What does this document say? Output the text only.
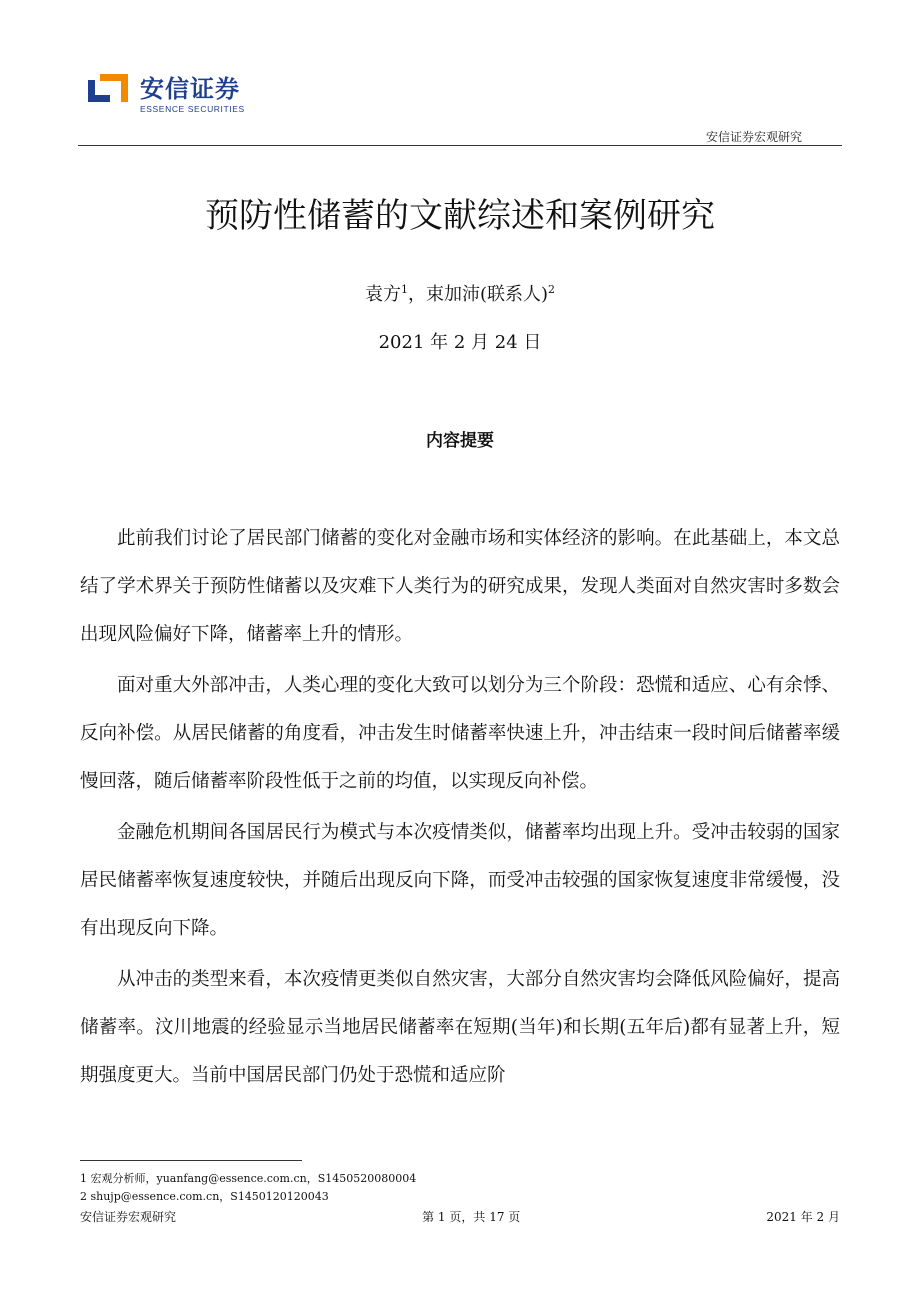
安信证券
ESSENCE SECURITIES
安信证券宏观研究
预防性储蓄的文献综述和案例研究
袁方$^1$，束加沛(联系人)$^2$
2021 年 2 月 24 日
内容提要

此前我们讨论了居民部门储蓄的变化对金融市场和实体经济的影响。在此基础上，本文总结了学术界关于预防性储蓄以及灾难下人类行为的研究成果，发现人类面对自然灾害时多数会出现风险偏好下降，储蓄率上升的情形。

面对重大外部冲击，人类心理的变化大致可以划分为三个阶段：恐慌和适应、心有余悸、反向补偿。从居民储蓄的角度看，冲击发生时储蓄率快速上升，冲击结束一段时间后储蓄率缓慢回落，随后储蓄率阶段性低于之前的均值，以实现反向补偿。

金融危机期间各国居民行为模式与本次疫情类似，储蓄率均出现上升。受冲击较弱的国家居民储蓄率恢复速度较快，并随后出现反向下降，而受冲击较强的国家恢复速度非常缓慢，没有出现反向下降。

从冲击的类型来看，本次疫情更类似自然灾害，大部分自然灾害均会降低风险偏好，提高储蓄率。汶川地震的经验显示当地居民储蓄率在短期(当年)和长期(五年后)都有显著上升，短期强度更大。当前中国居民部门仍处于恐慌和适应阶

1 宏观分析师，yuanfang@essence.com.cn，S1450520080004
2 shujp@essence.com.cn，S1450120120043
安信证券宏观研究	第 1 页，共 17 页	2021 年 2 月
